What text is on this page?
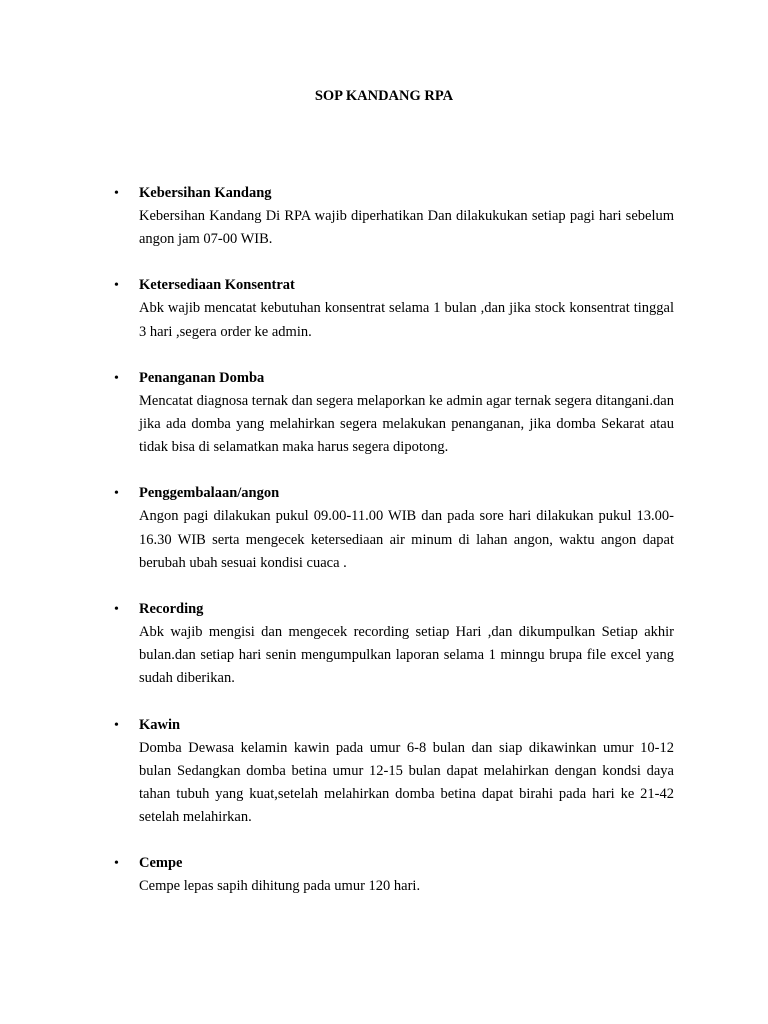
SOP KANDANG RPA
•	Kebersihan Kandang
Kebersihan Kandang Di RPA wajib diperhatikan Dan dilakukukan setiap pagi hari sebelum angon jam 07-00 WIB.
•	Ketersediaan Konsentrat
Abk wajib mencatat kebutuhan konsentrat selama 1 bulan ,dan jika stock konsentrat tinggal 3 hari ,segera order ke admin.
•	Penanganan Domba
Mencatat diagnosa ternak dan segera melaporkan ke admin agar ternak segera ditangani.dan jika ada domba yang melahirkan segera melakukan penanganan, jika domba Sekarat atau tidak bisa di selamatkan maka harus segera dipotong.
•	Penggembalaan/angon
Angon pagi dilakukan pukul 09.00-11.00 WIB dan pada sore hari dilakukan pukul 13.00-16.30 WIB serta mengecek ketersediaan air minum di lahan angon, waktu angon dapat berubah ubah sesuai kondisi cuaca .
•	Recording
Abk wajib mengisi dan mengecek recording setiap Hari ,dan dikumpulkan Setiap akhir bulan.dan setiap hari senin mengumpulkan laporan selama 1 minngu brupa file excel yang sudah diberikan.
•	Kawin
Domba Dewasa kelamin kawin pada umur 6-8 bulan dan siap dikawinkan umur 10-12 bulan Sedangkan domba betina umur 12-15 bulan dapat melahirkan dengan kondsi daya tahan tubuh yang kuat,setelah melahirkan domba betina dapat birahi pada hari ke 21-42 setelah melahirkan.
•	Cempe
Cempe lepas sapih dihitung pada umur 120 hari.
